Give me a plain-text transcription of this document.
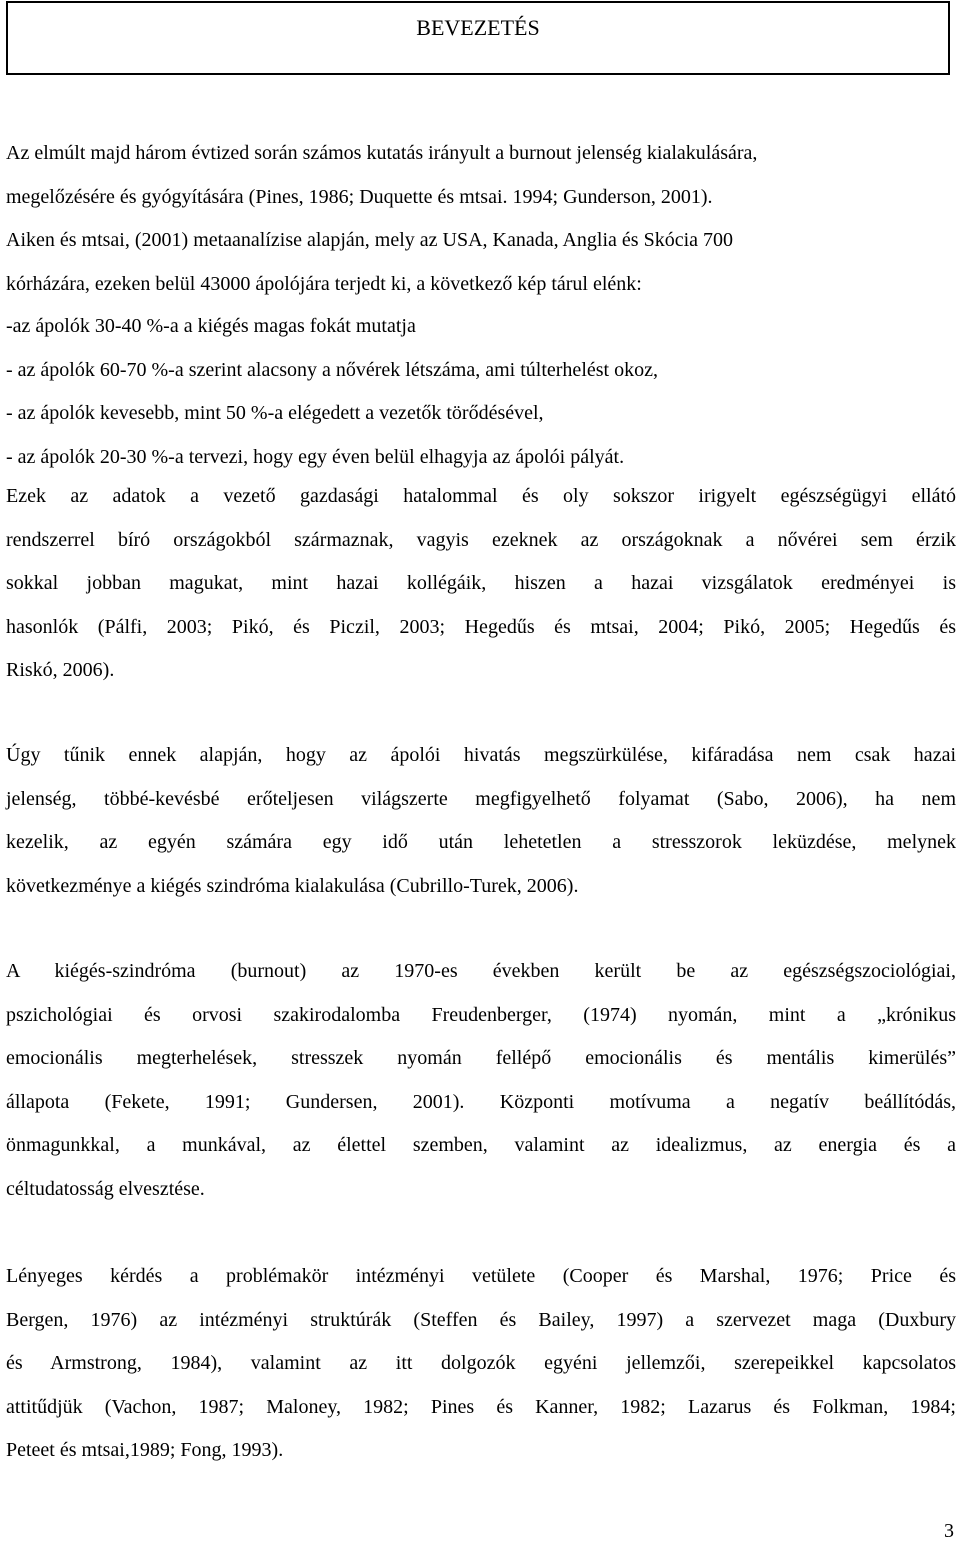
BEVEZETÉS
Az elmúlt majd három évtized során számos kutatás irányult a burnout jelenség kialakulására,
megelőzésére és gyógyítására (Pines, 1986; Duquette és mtsai. 1994; Gunderson, 2001).
Aiken és mtsai, (2001) metaanalízise alapján, mely az USA, Kanada, Anglia és Skócia 700
kórházára, ezeken belül 43000 ápolójára terjedt ki, a következő kép tárul elénk:
-az ápolók 30-40 %-a a kiégés magas fokát mutatja
- az ápolók 60-70 %-a szerint alacsony a nővérek létszáma, ami túlterhelést okoz,
- az ápolók kevesebb, mint 50 %-a elégedett a vezetők törődésével,
- az ápolók 20-30 %-a tervezi, hogy egy éven belül elhagyja az ápolói pályát.
Ezek az adatok a vezető gazdasági hatalommal és oly sokszor irigyelt egészségügyi ellátó
rendszerrel bíró országokból származnak, vagyis ezeknek az országoknak a nővérei sem érzik
sokkal jobban magukat, mint hazai kollégáik, hiszen a hazai vizsgálatok eredményei is
hasonlók (Pálfi, 2003; Pikó, és Piczil, 2003; Hegedűs és mtsai, 2004; Pikó, 2005; Hegedűs és
Riskó, 2006).
Úgy tűnik ennek alapján, hogy az ápolói hivatás megszürkülése, kifáradása nem csak hazai
jelenség, többé-kevésbé erőteljesen világszerte megfigyelhető folyamat (Sabo, 2006), ha nem
kezelik, az egyén számára egy idő után lehetetlen a stresszorok leküzdése, melynek
következménye a kiégés szindróma kialakulása (Cubrillo-Turek, 2006).
A kiégés-szindróma (burnout) az 1970-es években került be az egészségszociológiai,
pszichológiai és orvosi szakirodalomba Freudenberger, (1974) nyomán, mint a „krónikus
emocionális megterhelések, stresszek nyomán fellépő emocionális és mentális kimerülés”
állapota (Fekete, 1991; Gundersen, 2001). Központi motívuma a negatív beállítódás,
önmagunkkal, a munkával, az élettel szemben, valamint az idealizmus, az energia és a
céltudatosság elvesztése.
Lényeges kérdés a problémakör intézményi vetülete (Cooper és Marshal, 1976; Price és
Bergen, 1976) az intézményi struktúrák (Steffen és Bailey, 1997) a szervezet maga (Duxbury
és Armstrong, 1984), valamint az itt dolgozók egyéni jellemzői, szerepeikkel kapcsolatos
attitűdjük (Vachon, 1987; Maloney, 1982; Pines és Kanner, 1982; Lazarus és Folkman, 1984;
Peteet és mtsai,1989; Fong, 1993).
3
